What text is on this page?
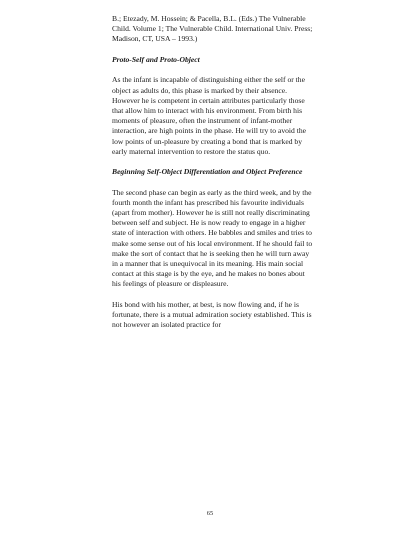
B.; Etezady, M. Hossein; & Pacella, B.L. (Eds.) The Vulnerable Child. Volume 1; The Vulnerable Child. International Univ. Press; Madison, CT, USA – 1993.)

Proto-Self and Proto-Object

As the infant is incapable of distinguishing either the self or the object as adults do, this phase is marked by their absence. However he is competent in certain attributes particularly those that allow him to interact with his environment. From birth his moments of pleasure, often the instrument of infant-mother interaction, are high points in the phase. He will try to avoid the low points of un-pleasure by creating a bond that is marked by early maternal intervention to restore the status quo.

Beginning Self-Object Differentiation and Object Preference

The second phase can begin as early as the third week, and by the fourth month the infant has prescribed his favourite individuals (apart from mother). However he is still not really discriminating between self and subject. He is now ready to engage in a higher state of interaction with others. He babbles and smiles and tries to make some sense out of his local environment. If he should fail to make the sort of contact that he is seeking then he will turn away in a manner that is unequivocal in its meaning. His main social contact at this stage is by the eye, and he makes no bones about his feelings of pleasure or displeasure.

His bond with his mother, at best, is now flowing and, if he is fortunate, there is a mutual admiration society established. This is not however an isolated practice for

65
